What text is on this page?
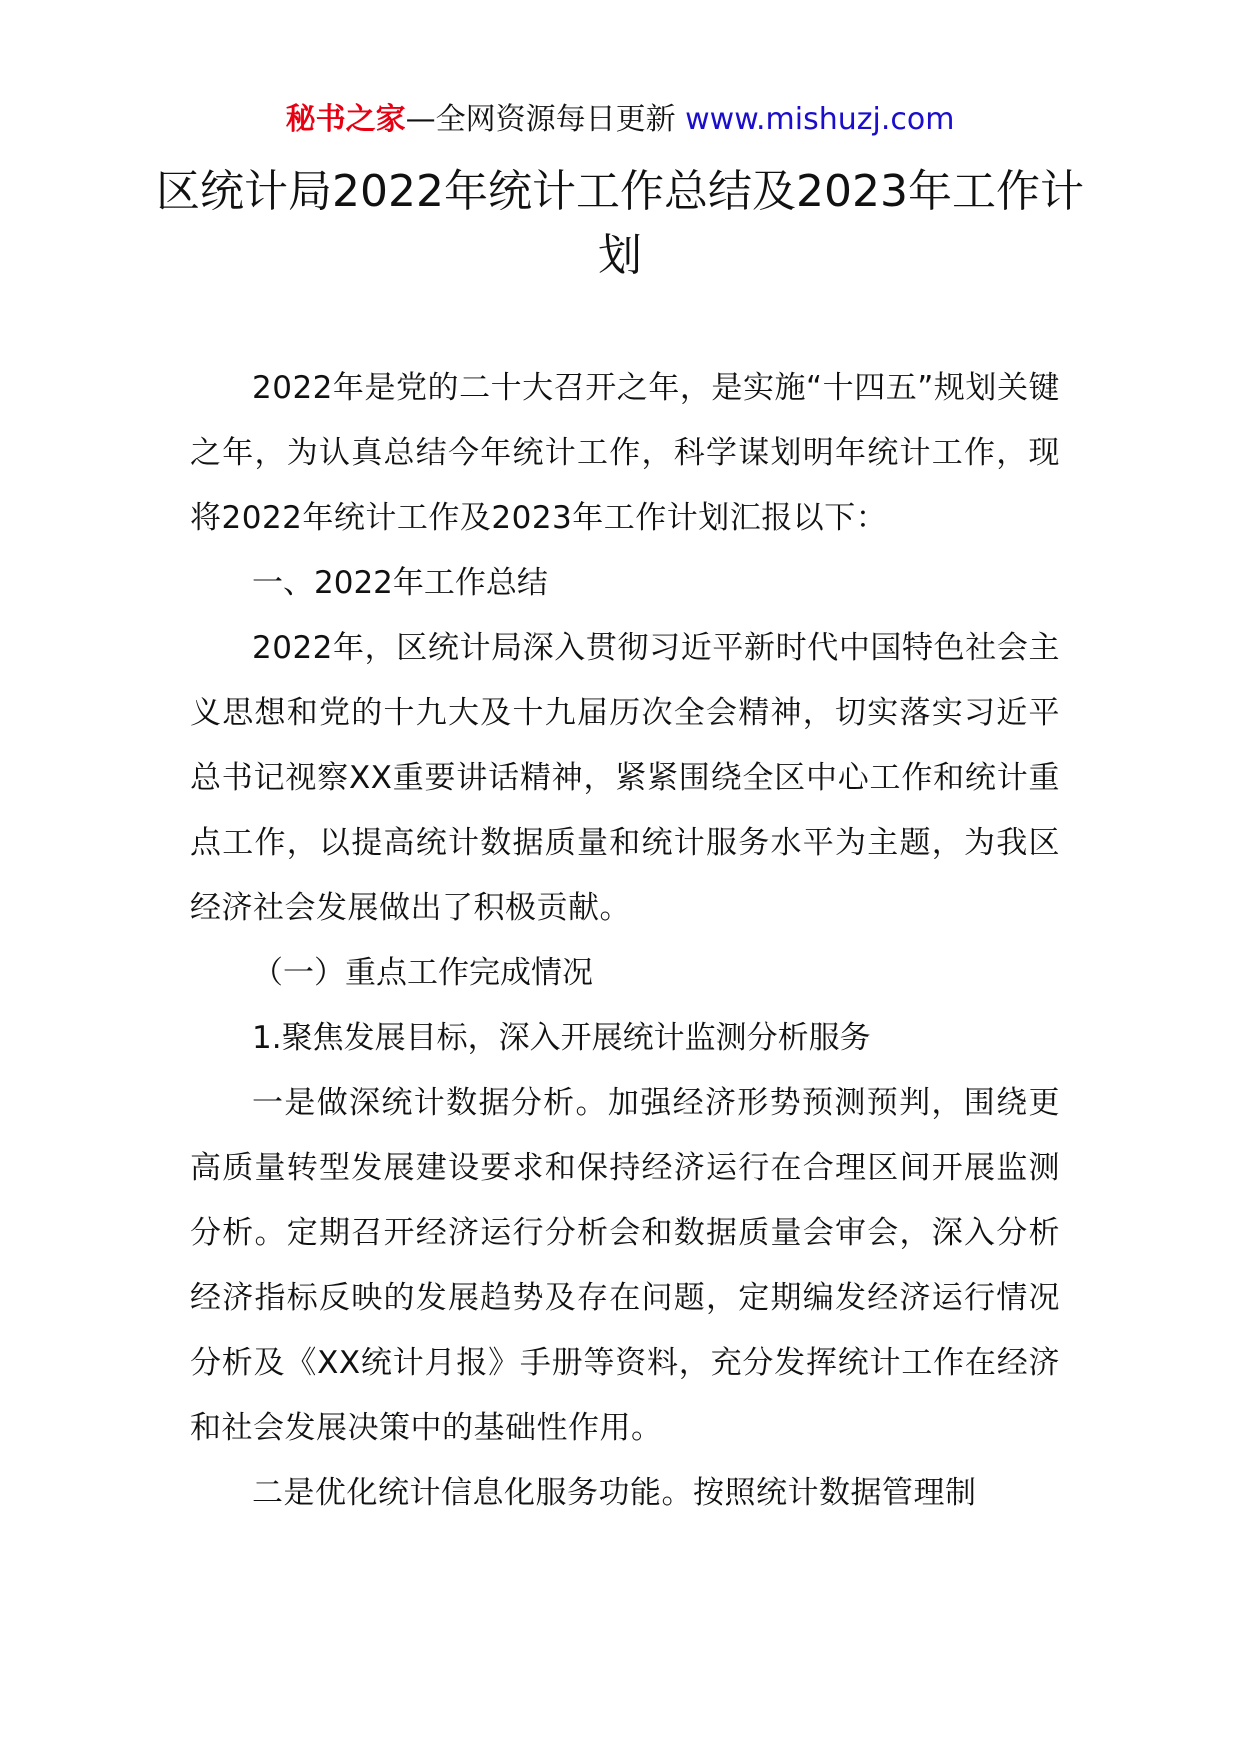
秘书之家—全网资源每日更新 www.mishuzj.com
区统计局2022年统计工作总结及2023年工作计划

2022年是党的二十大召开之年，是实施“十四五”规划关键之年，为认真总结今年统计工作，科学谋划明年统计工作，现将2022年统计工作及2023年工作计划汇报以下：

一、2022年工作总结

2022年，区统计局深入贯彻习近平新时代中国特色社会主义思想和党的十九大及十九届历次全会精神，切实落实习近平总书记视察XX重要讲话精神，紧紧围绕全区中心工作和统计重点工作，以提高统计数据质量和统计服务水平为主题，为我区经济社会发展做出了积极贡献。

（一）重点工作完成情况

1.聚焦发展目标，深入开展统计监测分析服务

一是做深统计数据分析。加强经济形势预测预判，围绕更高质量转型发展建设要求和保持经济运行在合理区间开展监测分析。定期召开经济运行分析会和数据质量会审会，深入分析经济指标反映的发展趋势及存在问题，定期编发经济运行情况分析及《XX统计月报》手册等资料，充分发挥统计工作在经济和社会发展决策中的基础性作用。

二是优化统计信息化服务功能。按照统计数据管理制
